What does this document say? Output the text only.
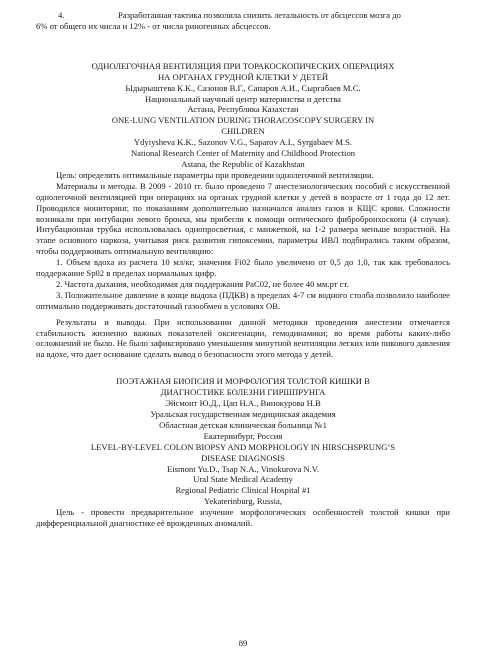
4.	Разработанная тактика позволила снизить летальность от абсцессов мозга до

6% от общего их числа и 12% - от числа риногенных абсцессов.

ОДНОЛЕГОЧНАЯ ВЕНТИЛЯЦИЯ ПРИ ТОРАКОСКОПИЧЕСКИХ ОПЕРАЦИЯХ

НА ОРГАНАХ ГРУДНОЙ КЛЕТКИ У ДЕТЕЙ

Ыдырыштева К.К., Сазонов В.Г., Сапаров А.И., Сыргабаев М.С.

Национальный научный центр материнства и детства

Астана, Республика Казахстан

ONE-LUNG VENTILATION DURING THORACOSCOPY SURGERY IN

CHILDREN

Ydyiysheva K.K., Sazonov V.G., Saparov A.I., Syrgabaev M.S.

National Research Center of Maternity and Childhood Protection

Astana, the Republic of Kazakhstan

Цель: определить оптимальные параметры при проведении однолегочной вентиляции.

Материалы и методы. В 2009 - 2010 гг. было проведено 7 анестезиологических пособий с искусственной однолегочной вентиляцией при операциях на органах грудной клетки у детей в возрасте от 1 года до 12 лет. Проводился мониторинг, по показаниям дополнительно назначался анализ газов и КЩС крови. Сложности возникали при интубации левого бронха, мы прибегли к помощи оптического фибробронхоскопа (4 случая). Интубационная трубка использовалась однопросветная, с манжеткой, на 1-2 размера меньше возрастной. На этапе основного наркоза, учитывая риск развития гипоксемии, параметры ИВЛ подбирались таким образом, чтобы поддерживать оптимальную вентиляцию:

1. Объем вдоха из расчета 10 мл/кг, значения Fi02 было увеличено от 0,5 до 1,0, так как требовалось поддержание Sp02 в пределах нормальных цифр.

2. Частота дыхания, необходимая для поддержания PaC02, не более 40 мм.рт ст.

3. Положительное давление в конце выдоха (ПДКВ) в пределах 4-7 см водного столба позволило наиболее оптимально поддерживать достаточный газообмен в условиях ОВ.

Результаты и выводы. При использовании данной методики проведения анестезии отмечается стабильность жизненно важных показателей оксигенации, гемодинамики; во время работы каких-либо осложнений не было. Не было зафиксировано уменьшения минутной вентиляции легких или пикового давления на вдохе, что дает основание сделать вывод о безопасности этого метода у детей.

ПОЭТАЖНАЯ БИОПСИЯ И МОРФОЛОГИЯ ТОЛСТОЙ КИШКИ В

ДИАГНОСТИКЕ БОЛЕЗНИ ГИРШПРУНГА

Эйсмонт Ю.Д., Цап Н.А., Винокурова Н.В

Уральская государственная медицинская академия

Областная детская клиническая больница №1

Екатеринбург, Россия

LEVEL-BY-LEVEL COLON BIOPSY AND MORPHOLOGY IN HIRSCHSPRUNG’S

DISEASE DIAGNOSIS

Eismont Yu.D., Tsap N.A., Vinokurova N.V.

Ural State Medical Academy

Regional Pediatric Clinical Hospital #1

Yekaterinburg, Russia,

Цель - провести предварительное изучение морфологических особенностей толстой кишки при дифференциальной диагностике её врожденных аномалий.

89
